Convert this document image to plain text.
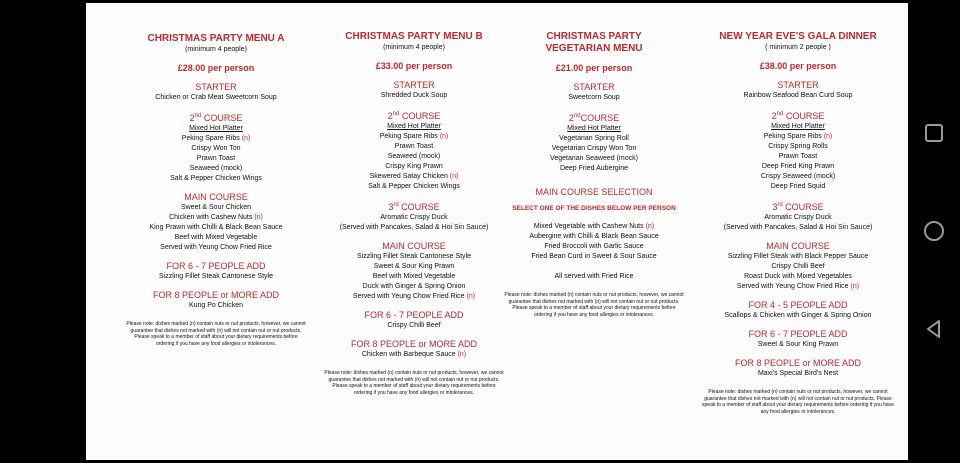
CHRISTMAS PARTY MENU A
(minimum 4 people)
£28.00 per person
STARTER
Chicken or Crab Meat Sweetcorn Soup
2nd COURSE
Mixed Hot Platter
Peking Spare Ribs (n)
Crispy Won Ton
Prawn Toast
Seaweed (mock)
Salt & Pepper Chicken Wings
MAIN COURSE
Sweet & Sour Chicken
Chicken with Cashew Nuts (n)
King Prawn with Chilli & Black Bean Sauce
Beef with Mixed Vegetable
Served with Yeung Chow Fried Rice
FOR 6 - 7 PEOPLE ADD
Sizzling Fillet Steak Cantonese Style
FOR 8 PEOPLE or MORE ADD
Kung Po Chicken
Please note: dishes marked (n) contain nuts or nut products, however, we cannot guarantee that dishes not marked with (n) will not contain nut or nut products. Please speak to a member of staff about your dietary requirements before ordering if you have any food allergies or intolerances.
CHRISTMAS PARTY MENU B
(minimum 4 people)
£33.00 per person
STARTER
Shredded Duck Soup
2nd COURSE
Mixed Hot Platter
Peking Spare Ribs (n)
Prawn Toast
Seaweed (mock)
Crispy King Prawn
Skewered Satay Chicken (n)
Salt & Pepper Chicken Wings
3rd COURSE
Aromatic Crispy Duck
(Served with Pancakes, Salad & Hoi Sin Sauce)
MAIN COURSE
Sizzling Fillet Steak Cantonese Style
Sweet & Sour King Prawn
Beef with Mixed Vegetable
Duck with Ginger & Spring Onion
Served with Yeung Chow Fried Rice (n)
FOR 6 - 7 PEOPLE ADD
Crispy Chilli Beef
FOR 8 PEOPLE or MORE ADD
Chicken with Barbeque Sauce (n)
Please note: dishes marked (n) contain nuts or nut products, however, we cannot guarantee that dishes not marked with (n) will not contain nut or nut products. Please speak to a member of staff about your dietary requirements before ordering if you have any food allergies or intolerances.
CHRISTMAS PARTY
VEGETARIAN MENU
£21.00 per person
STARTER
Sweetcorn Soup
2ndCOURSE
Mixed Hot Platter
Vegetarian Spring Roll
Vegetarian Crispy Won Ton
Vegetarian Seaweed (mock)
Deep Fried Aubergine
MAIN COURSE SELECTION
SELECT ONE OF THE DISHES BELOW PER PERSON
Mixed Vegetable with Cashew Nuts (n)
Aubergine with Chilli & Black Bean Sauce
Fried Broccoli with Garlic Sauce
Fried Bean Curd in Sweet & Sour Sauce
All served with Fried Rice
Please note: dishes marked (n) contain nuts or nut products, however, we cannot guarantee that dishes not marked with (n) will not contain nut or nut products. Please speak to a member of staff about your dietary requirements before ordering if you have any food allergies or intolerances.
NEW YEAR EVE'S GALA DINNER
( minimum 2 people )
£38.00 per person
STARTER
Rainbow Seafood Bean Curd Soup
2nd COURSE
Mixed Hot Platter
Peking Spare Ribs (n)
Crispy Spring Rolls
Prawn Toast
Deep Fried King Prawn
Crispy Seaweed (mock)
Deep Fried Squid
3rd COURSE
Aromatic Crispy Duck
(Served with Pancakes, Salad & Hoi Sin Sauce)
MAIN COURSE
Sizzling Fillet Steak with Black Pepper Sauce
Crispy Chilli Beef
Roast Duck with Mixed Vegetables
Served with Yeung Chow Fried Rice (n)
FOR 4 - 5 PEOPLE ADD
Scallops & Chicken with Ginger & Spring Onion
FOR 6 - 7 PEOPLE ADD
Sweet & Sour King Prawn
FOR 8 PEOPLE or MORE ADD
Maxi's Special Bird's Nest
Please note: dishes marked (n) contain nuts or nut products, however, we cannot guarantee that dishes not marked with (n) will not contain nut or nut products. Please speak to a member of staff about your dietary requirements before ordering if you have any food allergies or intolerances.
